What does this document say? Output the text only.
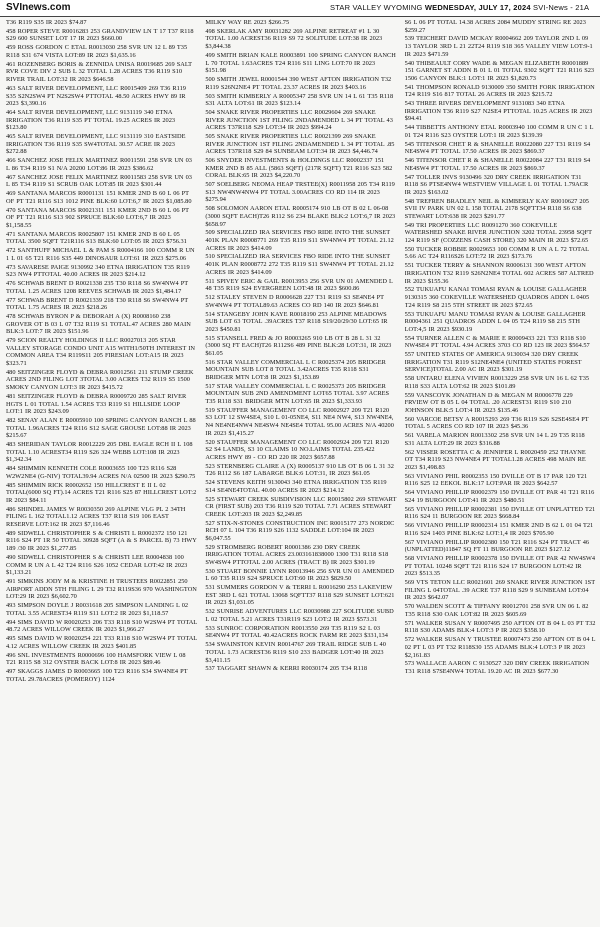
SVInews.com	STAR VALLEY WYOMING WEDNESDAY, JULY 17, 2024 SVI-News - 21A

T36 R119 S35 IR 2023 $74.87

458 ROPER STEVE R0016283 253 GRANDVIEW LN T 17 T37 R118 S29 600 SUNSET LOT 17 IR 2023 $660.00

459 ROSS GORDON C ETAL R0013030 258 SVR UN 12 L 89 T35 R118 S31 674 VISTA LOT:89 IR 2023 $1,635.16

461 ROZENBERG BORIS & ZENNIDA UNISA R0019685 269 SALT RVR COVE DIV 2 SUB L 32 TOTAL 1.28 ACRES T36 R119 S10 RIVER TRAIL LOT:32 IR 2023 $646.58

463 SALT RIVER DEVELOPMENT, LLC R0015409 269 T36 R119 S35 S2N2SW4 PT N2S2SW4 PTTOTAL 48.50 ACRES HWY 89 IR 2023 $3,390.16

464 SALT RIVER DEVELOPMENT, LLC 9131119 340 ETNA IRRIGATION T36 R119 S35 PT TOTAL 19.25 ACRES IR 2023 $123.80

465 SALT RIVER DEVELOPMENT, LLC 9131119 310 EASTSIDE IRRIGATION T36 R119 S35 SW4TOTAL 30.57 ACRE IR 2023 $272.88

466 SANCHEZ JOSE FELIX MARTINEZ R0011591 258 SVR UN 03 L 86 T34 R119 S1 N/A 20200 LOT:86 IR 2023 $386.62

467 SANCHEZ JOSE FELIX MARTINEZ R0011583 258 SVR UN 03 L 85 T34 R119 S1 SCRUB OAK LOT:85 IR 2023 $301.44

469 SANTANA MARCOS R0001131 151 KMER 2ND B 60 L 06 PT OF PT T21 R116 S13 1012 PINE BLK:60 LOT:6,7 IR 2023 $1,085.80

470 SANTANA MARCOS R0021311 151 KMER 2ND B 60 L 06 PT OF PT T21 R116 S13 902 SPRUCE BLK:60 LOT:6,7 IR 2023 $1,158.55

471 SANTANA MARCOS R0025807 151 KMER 2ND B 60 L 05 TOTAL 3500 SQFT T21R116 S13 BLK:60 LOT:05 IR 2023 $756.31

472 SANTHUFF MICHAEL L & PAM S R0004166 100 COMM R UN 1 L 01 65 T21 R116 S35 449 DINOSAUR LOT:61 IR 2023 $275.06

473 SAVARESE PAIGE 9130992 340 ETNA IRRIGATION T35 R119 S23 NW4 PTTOTAL 40.00 ACRES IR 2023 $214.12

476 SCHWAB BRENT D R0021338 235 T30 R118 S6 SW4NW4 PT TOTAL 1.25 ACRES 1208 REEVES SCHWAB IR 2023 $1,484.17

477 SCHWAB BRENT D R0021339 218 T30 R118 S6 SW4NW4 PT TOTAL 1.75 ACRES IR 2023 $218.26

478 SCHWAB BYRON P & DEBORAH A (X) R0008160 238 GROVER OT B 03 L 07 T32 R119 S1 TOTAL.47 ACRES 280 MAIN BLK:3 LOT:7 IR 2023 $151.96

479 SCION REALTY HOLDINGS II LLC R0027013 205 STAR VALLEY STORAGE CONDO UNIT A15 WITH1/50TH INTEREST IN COMMON AREA T34 R119S11 205 FIRESIAN LOT:A15 IR 2023 $323.71

480 SEITZINGER FLOYD & DEBRA R0012561 211 STUMP CREEK ACRES 2ND FILING LOT 3TOTAL 3.00 ACRES T32 R119 S5 1500 SMOKY CANYON LOT:3 IR 2023 $415.72

481 SEITZINGER FLOYD & DEBRA R0009720 285 SALT RIVER HGTS L 01 TOTAL 1.54 ACRES T33 R119 S1 HILLSIDE LOOP LOT:1 IR 2023 $243.09

482 SENAY ALAN E R0005910 100 SPRING CANYON RANCH L 88 TOTAL 1.96ACRES T24 R116 S12 SAGE GROUSE LOT:88 IR 2023 $215.67

483 SHERIDAN TAYLOR R0012229 205 DBL EAGLE RCH II L 108 TOTAL 1.10 ACREST34 R119 S26 324 WEBB LOT:108 IR 2023 $1,342.34

484 SHIMMIN KENNETH COLE R0003655 100 T23 R116 S28 W2W2NE4 (G-NIV) TOTAL39.94 ACRES N/A 02500 IR 2023 $290.75

485 SHIMMIN RICK R0002652 150 HILLCREST E II L 02 TOTAL(6000 SQ FT).14 ACRES T21 R116 S25 87 HILLCREST LOT:2 IR 2023 $84.11

486 SHINDEL JAMES W R0030350 269 ALPINE VLG PL 2 34TH FILING L 162 TOTAL1.12 ACRES T37 R118 S19 106 EAST RESERVE LOT:162 IR 2023 $7,116.46

489 SIDWELL CHRISTOPHER S & CHRISTI L R0002372 150 121 R116 S24 PT 1R 50 TOTAL 30928 SQFT (A & S PARCEL B) 73 HWY 189 /30 IR 2023 $1,277.85

490 SIDWELL CHRISTOPHER S & CHRISTI LEE R0004838 100 COMM R UN A L 42 T24 R116 S26 1052 CEDAR LOT:42 IR 2023 $1,133.21

491 SIMKINS JODY M & KRISTINE H TRUSTEES R0022851 250 AIRPORT ADDN 5TH FILING L 29 T32 R119S36 970 WASHINGTON LOT:29 IR 2023 $6,602.70

493 SIMPSON DOYLE J R0031618 205 SIMPSON LANDING L 02 TOTAL 3.55 ACREST34 R119 S11 LOT:2 IR 2023 $1,118.57

494 SIMS DAVID W R0020253 206 T33 R118 S10 W2SW4 PT TOTAL 48.72 ACRES WILLOW CREEK IR 2023 $1,966.27

495 SIMS DAVID W R0020254 221 T33 R118 S10 W2SW4 PT TOTAL 4.12 ACRES WILLOW CREEK IR 2023 $401.85

496 SNL INVESTMENTS R0000696 100 HAMSFORK VIEW L 08 T21 R115 S8 312 OYSTER BACK LOT:8 IR 2023 $89.46

497 SKAGGS JAMES D R0003665 100 T23 R116 S34 SW4NE4 PT TOTAL 29.78ACRES (POMEROY) 1124

MILKY WAY RE 2023 $266.75

498 SKERLAK AMY R0031282 269 ALPINE RETREAT #1 L 30 TOTAL 1.00 ACREST36 R119 S9 72 SOLITUDE LOT:38 IR 2023 $3,844.38

499 SMITH BRIAN KALE R0003891 100 SPRING CANYON RANCH L 70 TOTAL 1.63ACRES T24 R116 S11 LING LOT:70 IR 2023 $151.98

500 SMITH JEWEL R0001544 390 WEST AFTON IRRIGATION T32 R119 S26N2NE4 PT TOTAL 23.37 ACRES IR 2023 $403.16

503 SMITH KIMBERLY A R0005347 258 SVR UN 14 L 61 T35 R118 S31 ALTA LOT:61 IR 2023 $123.14

504 SNAKE RIVER PROPERTIES LLC R0029604 269 SNAKE RIVER JUNCTION 1ST FILING 2NDAMENDED L 34 PT TOTAL 43 ACRES T37R118 S29 LOT:34 IR 2023 $994.24

505 SNAKE RIVER PROPERTIES LLC R0021399 269 SNAKE RIVER JUNCTION 1ST FILING 2NDAMENDED L 34 PT TOTAL .85 ACRES T37R118 S29 84 SUNBEAM LOT:34 IR 2023 $4,446.74

506 SNYDER INVESTMENTS & HOLDINGS LLC R0002337 151 KMER 2ND B 85 ALL (5863 SQFT) (217R SQFT) T21 R116 S23 582 CORAL BLK:65 IR 2023 $4,220.70

507 SOELBERG NEOMA HEAP TRSTEE(X) R0011958 205 T34 R119 S13 NW4NW4NW4 PT TOTAL 3.00ACRES CO RD 114 IR 2023 $275.94

508 SOLOMON AARON ETAL R0005174 910 LB OT B 02 L 06-08 (3000 SQFT EACH)T26 R112 S6 234 BLAKE BLK:2 LOT:6,7 IR 2023 $658.97

509 SPECIALIZED IRA SERVICES FBO RIDE INTO THE SUNSET 401K PLAN R0008771 269 T35 R119 S11 SW4NW4 PT TOTAL 21.12 ACRES IR 2023 $414.09

510 SPECIALIZED IRA SERVICES FBO RIDE INTO THE SUNSET 401K PLAN R0008772 272 T35 R119 S11 SW4NW4 PT TOTAL 21.12 ACRES IR 2023 $414.09

511 SPIVEY ERIC & GAIL R0013953 256 SVR UN 01 AMENDED L 48 T35 R119 S24 EVERGREEN LOT:48 IR 2023 $600.86

512 STALEY STEVEN D R0006628 227 T31 R119 S3 SE4NE4 PT SW4NW4 PT TOTAL89.63 ACRES CO RD 140 IR 2023 $646.81

514 STANGEBY JOHN KAYE R0018190 253 ALPINE MEADOWS SUB LOT 63 TOTAL .39ACRES T37 R118 S19/20/29/30 LOT:65 IR 2023 $450.81

515 STANSELL FRED & JO R0003265 910 LB OT B 28 L 31 32 (3000 SQ FT EACH)T26 R112S6 489 PINE BLK:28 LOT:31, IR 2023 $61.05

516 STAR VALLEY COMMERCIAL L C R0025374 205 BRIDGER MOUNTAIN SUB LOT 8 TOTAL 3.42ACRES T35 R118 S31 BRIDGER MTN LOT:8 IR 2023 $1,153.89

517 STAR VALLEY COMMERCIAL L C R0025373 205 BRIDGER MOUNTAIN SUB 2ND AMENDMENT LOT65 TOTAL 3.97 ACRES T35 R118 S31 BRIDGER MTN LOT:65 IR 2023 $1,333.93

519 STAUFFER MANAGEMENT CO LLC R0002927 209 T21 R120 S3 LOT 12 SW4SE4, S10 L 01-05NE4, S11 NE4 NW4, S13 NW4NE4, N4 NE4NE4NW4 NE4SW4 NE4SE4 TOTAL 95.00 ACRES N/A 40200 IR 2023 $1,415.27

520 STAUFFER MANAGEMENT CO LLC R0002924 209 T21 R120 S2 S4 LANDS, S3 10 CLAIMS 10 NO.LAIMS TOTAL 235.422 ACRES HWY 89 - CO RD 220 IR 2023 $657.88

523 STERNBERG CLAIRE A (X) R0005137 910 LB OT B 06 L 31 32 T26 R112 S6 187 LABARGE BLK:6 LOT:31, IR 2023 $61.05

524 STEVENS KEITH 9130043 340 ETNA IRRIGATION T35 R119 S14 SE4NE4TOTAL 40.00 ACRES IR 2023 $214.12

525 STEWART CREEK SUBDIVISION LLC R0015802 269 STEWART CR (FIRST SUB) 203 T36 R119 S20 TOTAL 7.71 ACRES STEWART CREEK LOT:203 IR 2023 $2,249.85

527 STIX-N-STONES CONSTRUCTION INC R0015177 273 NORDIC RCH 07 L 104 T36 R119 S26 1132 SADDLE LOT:104 IR 2023 $6,047.55

529 STROMBERG ROBERT R0001386 230 DRY CREEK IRRIGATION TOTAL ACRES 23.003161838000 1300 T31 R118 S18 SW4SW4 PTTOTAL 2.00 ACRES (TRACT B) IR 2023 $301.19

530 STUART BONNIE LYNN R0013946 256 SVR UN 01 AMENDED L 60 T35 R119 S24 SPRUCE LOT:60 IR 2023 $829.50

531 SUMMERS GORDON V & TERRI L R0016290 253 LAKEVIEW EST 3RD L 621 TOTAL 13068 SQFTT37 R118 S29 SUNSET LOT:621 IR 2023 $1,031.05

532 SUNRISE ADVENTURES LLC R0030988 227 SOLITUDE SUBD L 02 TOTAL 5.21 ACRES T31R119 S23 LOT:2 IR 2023 $573.31

533 SUNROC CORPORATION R0013550 269 T35 R119 S2 L 03 SE4NW4 PT TOTAL 40.42ACRES ROCK FARM RE 2023 $331,134

534 SWAINSTON KEVIN R0014767 269 TRAIL RIDGE SUB L 40 TOTAL 1.73 ACREST36 R119 S10 233 BADGER LOT:40 IR 2023 $3,411.15

537 TAGGART SHAWN & KERRI R0030174 205 T34 R118

S6 L 06 PT TOTAL 14.38 ACRES 2084 MUDDY STRING RE 2023 $259.27

539 TEICHERT DAVID MCKAY R0004662 209 TAYLOR 2ND L 09 13 TAYLOR 3RD L 21 22T24 R119 S18 365 VALLEY VIEW LOT:9-1 IR 2023 $471.59

540 THIBEAULT CORY WADE & MEGAN ELIZABETH R0001889 151 GARNET ST ADDN B 01 L 01 TOTAL 9302 SQFT T21 R116 S23 1506 CANYON BLK:1 LOT:1 IR 2023 $1,820.73

541 THOMPSON RONALD 9130009 350 SMITH FORK IRRIGATION T24 R119 S16 817 TOTAL 26 ACRES IR 2023 $215.72

543 THREE RIVERS DEVELOPMENT 9131083 340 ETNA IRRIGATION T36 R119 S27 N2SE4 PTTOTAL 10.25 ACRES IR 2023 $94.41

544 TIBBETTS ANTHONY ETAL R0003940 100 COMM R UN C 1 L 01 T24 R116 S23 OYSTER LOT:1 IR 2023 $139.39

545 TITENSOR CHET R & SHANELLE R0022080 227 T31 R119 S4 NE4SW4 PT TOTAL 17.50 ACRES IR 2023 $869.37

546 TITENSOR CHET R & SHANELLE R0022084 227 T31 R119 S4 NE4SW4 PT TOTAL 17.50 ACRES IR 2023 $869.37

547 TOLLER INVS 9130496 320 DRY CREEK IRRIGATION T31 R118 S6 PTSE4NW4 WESTVIEW VILLAGE L 01 TOTAL 1.79ACR IR 2023 $163.02

548 TREFREN BRADLEY NEIL & KIMBERLY KAY R0010627 205 SVII IV PARK UN 02 L 158 TOTAL 2178 SQFTT34 R118 S6 638 STEWART LOT:638 IR 2023 $291.77

549 TRI PROPERTIES LLC R0091270 360 COKEVILLE WATERSHED SNAKE RIVER JUNCTION 3202 TOTAL 23958 SQFT 124 R119 SF (COZZENS CASH STORE) 320 MAIN IR 2023 $72.65

550 TUCKER ROBBIE R0029653 100 COMM R UN A L 72 TOTAL 5.66 AC T24 R116S26 LOT:72 IR 2023 $173.76

551 TUCKER TERRY & SHANNON R0006131 390 WEST AFTON IRRIGATION T32 R119 S26N2NE4 TOTAL 602 ACRES 587 ALTRED IR 2023 $155.36

552 TUKUAFU KANAI TOMASI RYAN & LOUISE GALLAGHER 9130315 360 COKEVILLE WATERSHED QUADROS ADDN L 0405 T24 R119 S8 215 5TH STREET IR 2023 $72.65

553 TUKUAFU MANU TOMASI RYAN & LOUISE GALLAGHER R0004361 251 QUADROS ADDN L 04 05 T24 R119 S8 215 5TH LOT:4,5 IR 2023 $930.19

554 TURNER ALLEN C & MARIE E R0009433 221 T33 R118 S10 NW4SE4 PT TOTAL 4.94 ACRES 3703 CO RD 123 IR 2023 $564.57

557 UNITED STATES OF AMERICA 9130034 320 DRY CREEK IRRIGATION T31 R119 S12NE4NE4 (UNITED STATES FOREST SERVICE)TOTAL 2.00 AC IR 2023 $301.19

558 UNTARU ELENA VIVIEN R0013229 258 SVR UN 16 L 62 T35 R118 S33 ALTA LOT:62 IR 2023 $101.89

559 VANSCOYK JONATHAN D & MEGAN M R0006778 229 FRVIEW OT B 05 L 04 TOTAL .20 ACREST31 R119 S10 210 JOHNSON BLK:5 LOT:4 IR 2023 $135.46

560 VARCOE BETSY A R0015293 269 T36 R119 S26 S2SE4SE4 PT TOTAL 5 ACRES CO RD 107 IR 2023 $45.36

561 VARELA MARION R0013302 258 SVR UN 14 L 29 T35 R118 S31 ALTA LOT:29 IR 2023 $316.88

562 VISSER ROSETTA C & JENNIFER L R0020459 252 THAYNE OT T34 R119 S23 NW4NE4 PT TOTAL1.28 ACRES 498 MAIN RE 2023 $1,498.83

563 VIVIANO PHIL R0002353 150 DVILLE OT B 17 PAR 120 T21 R116 S25 12 EEKOL BLK:17 LOT:PAR IR 2023 $642.57

564 VIVIANO PHILLIP R0002379 150 DVILLE OT PAR 41 T21 R116 S24 19 BURGOON LOT:41 IR 2023 $480.51

565 VIVIANO PHILLIP R0002381 150 DVILLE OT UNPLATTED T21 R116 S24 11 BURGOON RE 2023 $668.84

566 VIVIANO PHILLIP R0002314 151 KMER 2ND B 62 L 01 04 T21 R116 S24 1403 PINE BLK:62 LOT:1,4 IR 2023 $705.90

567 VIVIANO PHILLIP R0002380 150 T21 R116 S24 PT TRACT 46 (UNPLATTED)11847 SQ FT 11 BURGOON RE 2023 $127.12

568 VIVIANO PHILLIP R0002378 150 DVILLE OT PAR 42 NW4SW4 PT TOTAL 10248 SQFT T21 R116 S24 17 BURGOON LOT:42 IR 2023 $513.35

569 VTS TETON LLC R0021601 269 SNAKE RIVER JUNCTION 1ST FILING L 04TOTAL .39 ACRE T37 R118 S29 9 SUNBEAM LOT:04 IR 2023 $642.07

570 WALDEN SCOTT & TIFFANY R0012701 258 SVR UN 06 L 82 T35 R118 S30 OAK LOT:82 IR 2023 $605.69

571 WALKER SUSAN Y R0007495 250 AFTON OT B 04 L 03 PT T32 R118 S30 ADAMS BLK:4 LOT:3 P IR 2023 $358.10

572 WALKER SUSAN Y TRUSTEE R0007473 250 AFTON OT B 04 L 02 PT L 03 PT T32 R118S30 155 ADAMS BLK:4 LOT:3 P IR 2023 $2,161.83

573 WALLACE AARON C 9130527 320 DRY CREEK IRRIGATION T31 R118 S7SE4NW4 TOTAL 19.20 AC IR 2023 $677.30
